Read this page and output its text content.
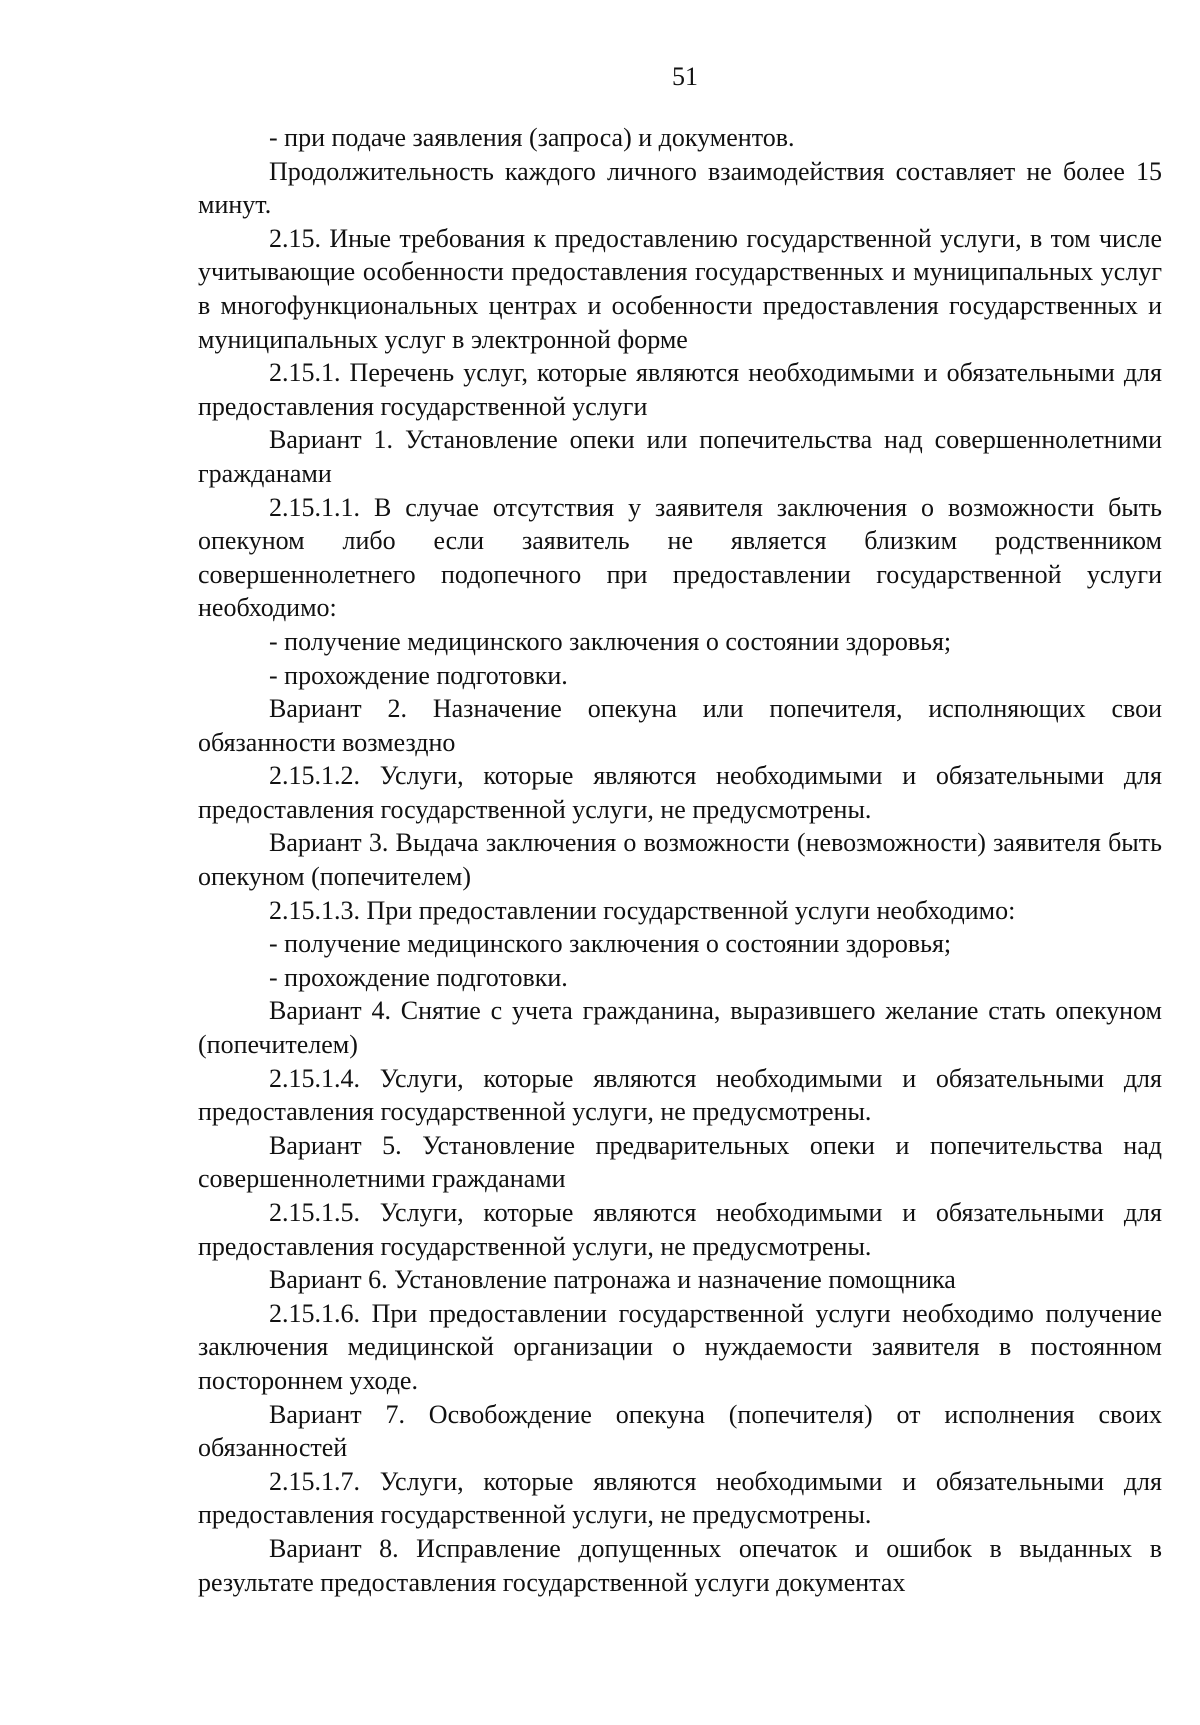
51

- при подаче заявления (запроса) и документов.

Продолжительность каждого личного взаимодействия составляет не более 15 минут.

2.15. Иные требования к предоставлению государственной услуги, в том числе учитывающие особенности предоставления государственных и муниципальных услуг в многофункциональных центрах и особенности предоставления государственных и муниципальных услуг в электронной форме

2.15.1. Перечень услуг, которые являются необходимыми и обязательными для предоставления государственной услуги

Вариант 1. Установление опеки или попечительства над совершеннолетними гражданами

2.15.1.1. В случае отсутствия у заявителя заключения о возможности быть опекуном либо если заявитель не является близким родственником совершеннолетнего подопечного при предоставлении государственной услуги необходимо:

- получение медицинского заключения о состоянии здоровья;

- прохождение подготовки.

Вариант 2. Назначение опекуна или попечителя, исполняющих свои обязанности возмездно

2.15.1.2. Услуги, которые являются необходимыми и обязательными для предоставления государственной услуги, не предусмотрены.

Вариант 3. Выдача заключения о возможности (невозможности) заявителя быть опекуном (попечителем)

2.15.1.3. При предоставлении государственной услуги необходимо:

- получение медицинского заключения о состоянии здоровья;

- прохождение подготовки.

Вариант 4. Снятие с учета гражданина, выразившего желание стать опекуном (попечителем)

2.15.1.4. Услуги, которые являются необходимыми и обязательными для предоставления государственной услуги, не предусмотрены.

Вариант 5. Установление предварительных опеки и попечительства над совершеннолетними гражданами

2.15.1.5. Услуги, которые являются необходимыми и обязательными для предоставления государственной услуги, не предусмотрены.

Вариант 6. Установление патронажа и назначение помощника

2.15.1.6. При предоставлении государственной услуги необходимо получение заключения медицинской организации о нуждаемости заявителя в постоянном постороннем уходе.

Вариант 7. Освобождение опекуна (попечителя) от исполнения своих обязанностей

2.15.1.7. Услуги, которые являются необходимыми и обязательными для предоставления государственной услуги, не предусмотрены.

Вариант 8. Исправление допущенных опечаток и ошибок в выданных в результате предоставления государственной услуги документах
